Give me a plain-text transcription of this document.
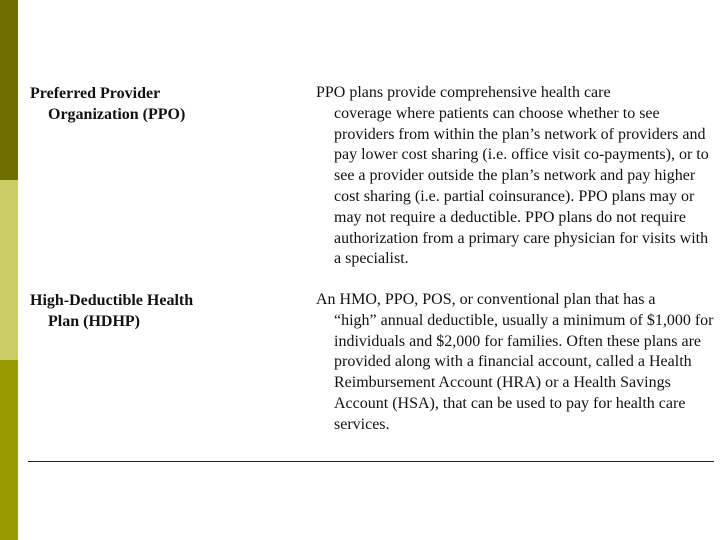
Preferred Provider
Organization (PPO)
PPO plans provide comprehensive health care
coverage where patients can choose whether to see providers from within the plan’s network of providers and pay lower cost sharing (i.e. office visit co-payments), or to see a provider outside the plan’s network and pay higher cost sharing (i.e. partial coinsurance). PPO plans may or may not require a deductible. PPO plans do not require authorization from a primary care physician for visits with a specialist.
High-Deductible Health
Plan (HDHP)
An HMO, PPO, POS, or conventional plan that has a
“high” annual deductible, usually a minimum of $1,000 for individuals and $2,000 for families. Often these plans are provided along with a financial account, called a Health Reimbursement Account (HRA) or a Health Savings Account (HSA), that can be used to pay for health care services.
